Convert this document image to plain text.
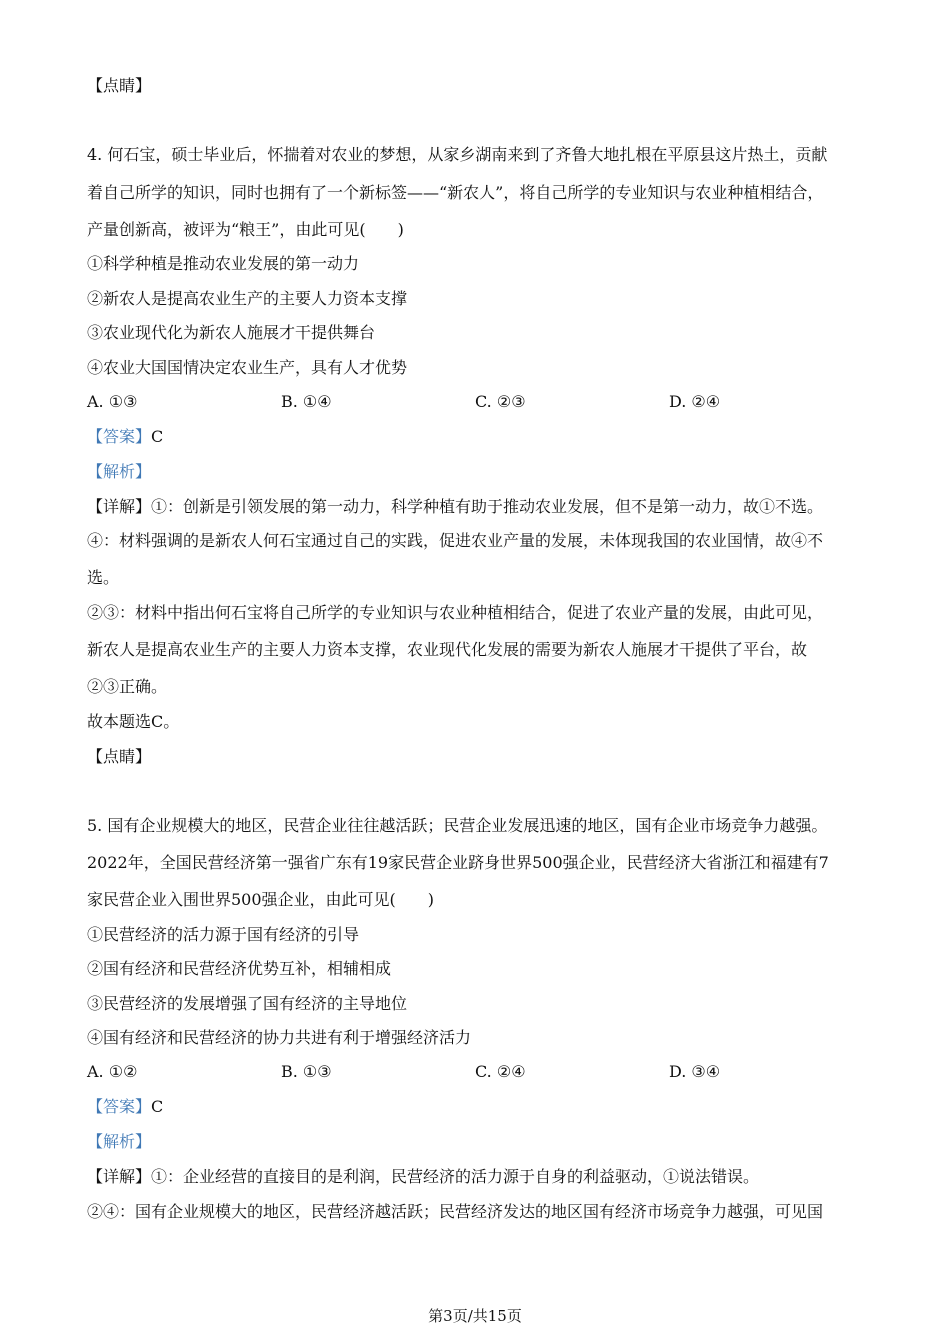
【点睛】
4. 何石宝，硕士毕业后，怀揣着对农业的梦想，从家乡湖南来到了齐鲁大地扎根在平原县这片热土，贡献
着自己所学的知识，同时也拥有了一个新标签——“新农人”，将自己所学的专业知识与农业种植相结合，
产量创新高，被评为“粮王”，由此可见(　　)
①科学种植是推动农业发展的第一动力
②新农人是提高农业生产的主要人力资本支撑
③农业现代化为新农人施展才干提供舞台
④农业大国国情决定农业生产，具有人才优势
A. ①③	B. ①④	C. ②③	D. ②④
【答案】C
【解析】
【详解】①：创新是引领发展的第一动力，科学种植有助于推动农业发展，但不是第一动力，故①不选。
④：材料强调的是新农人何石宝通过自己的实践，促进农业产量的发展，未体现我国的农业国情，故④不
选。
②③：材料中指出何石宝将自己所学的专业知识与农业种植相结合，促进了农业产量的发展，由此可见，
新农人是提高农业生产的主要人力资本支撑，农业现代化发展的需要为新农人施展才干提供了平台，故
②③正确。
故本题选C。
【点睛】
5. 国有企业规模大的地区，民营企业往往越活跃；民营企业发展迅速的地区，国有企业市场竞争力越强。
2022年，全国民营经济第一强省广东有19家民营企业跻身世界500强企业，民营经济大省浙江和福建有7
家民营企业入围世界500强企业，由此可见(　　)
①民营经济的活力源于国有经济的引导
②国有经济和民营经济优势互补，相辅相成
③民营经济的发展增强了国有经济的主导地位
④国有经济和民营经济的协力共进有利于增强经济活力
A. ①②	B. ①③	C. ②④	D. ③④
【答案】C
【解析】
【详解】①：企业经营的直接目的是利润，民营经济的活力源于自身的利益驱动，①说法错误。
②④：国有企业规模大的地区，民营经济越活跃；民营经济发达的地区国有经济市场竞争力越强，可见国
第3页/共15页
